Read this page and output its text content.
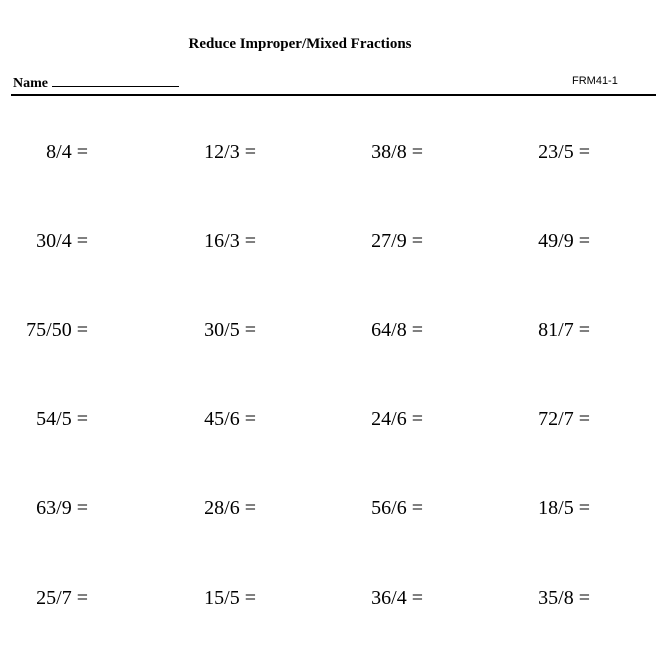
Reduce Improper/Mixed Fractions
Name	FRM41-1
8/4 =	12/3 =	38/8 =	23/5 =
30/4 =	16/3 =	27/9 =	49/9 =
75/50 =	30/5 =	64/8 =	81/7 =
54/5 =	45/6 =	24/6 =	72/7 =
63/9 =	28/6 =	56/6 =	18/5 =
25/7 =	15/5 =	36/4 =	35/8 =
